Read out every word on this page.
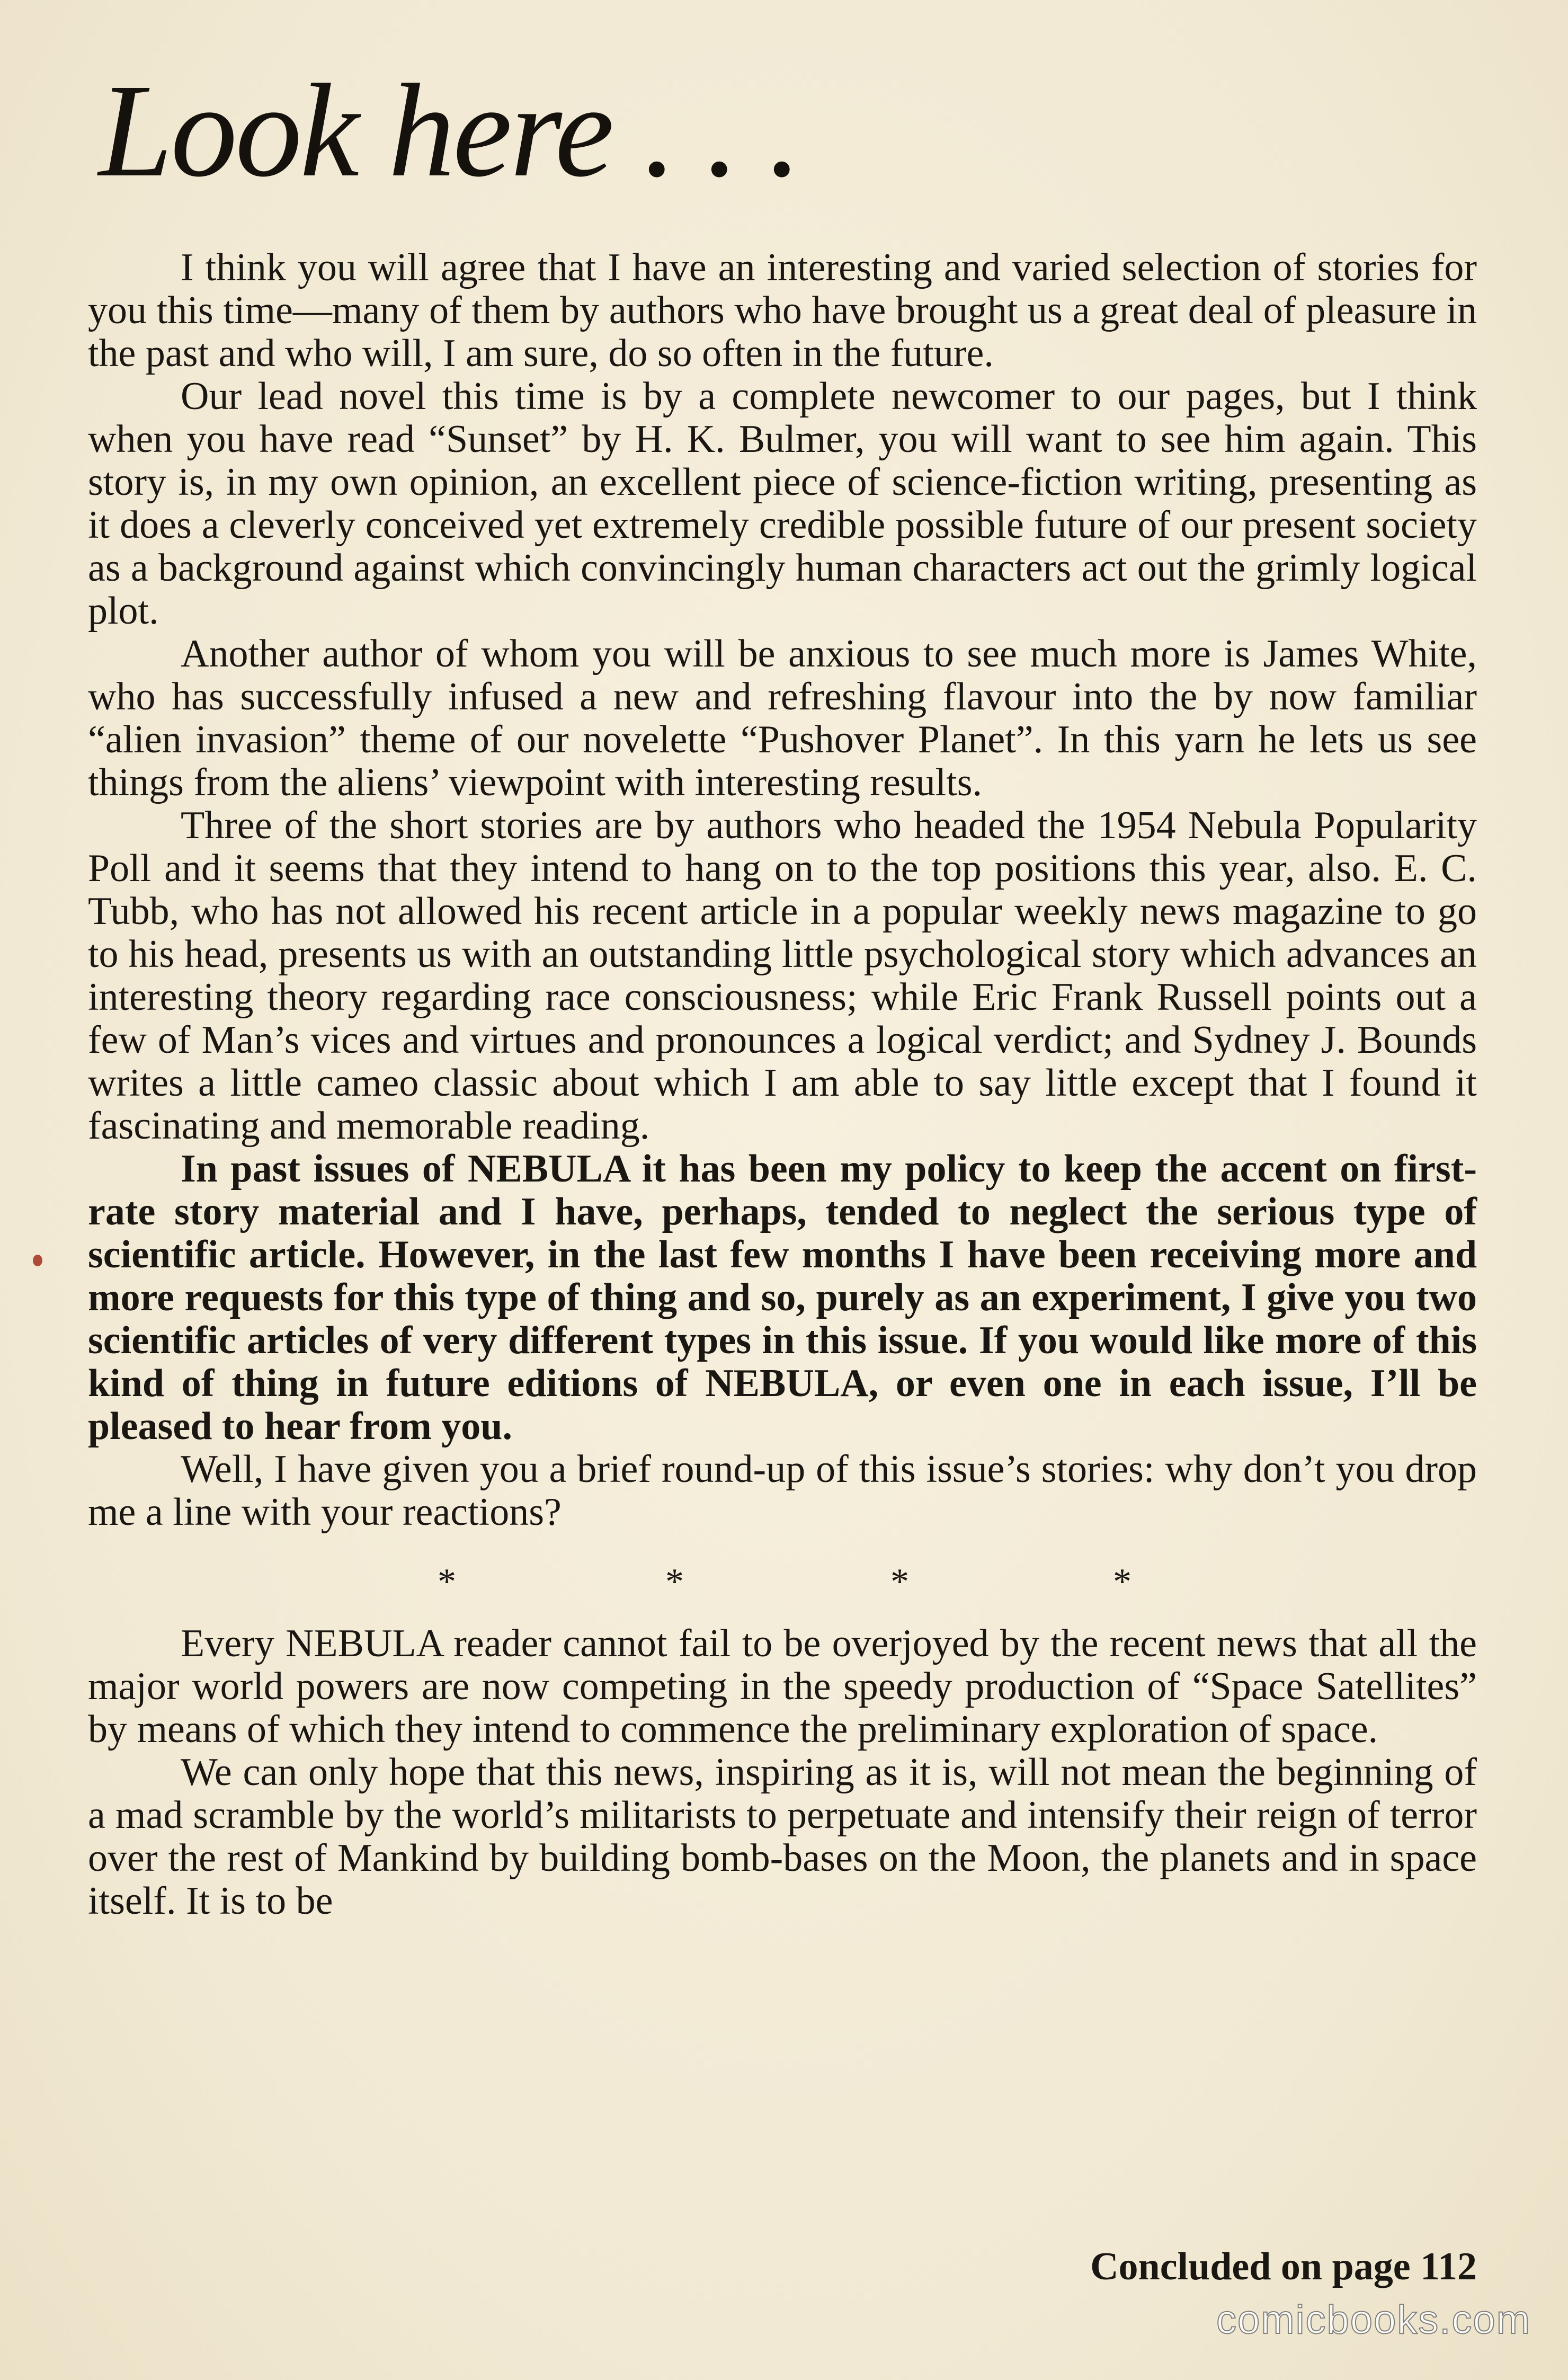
Look here . . .

I think you will agree that I have an interesting and varied selection of stories for you this time—many of them by authors who have brought us a great deal of pleasure in the past and who will, I am sure, do so often in the future.

Our lead novel this time is by a complete newcomer to our pages, but I think when you have read “Sunset” by H. K. Bulmer, you will want to see him again. This story is, in my own opinion, an excellent piece of science-fiction writing, presenting as it does a cleverly conceived yet extremely credible possible future of our present society as a background against which convincingly human characters act out the grimly logical plot.

Another author of whom you will be anxious to see much more is James White, who has successfully infused a new and refreshing flavour into the by now familiar “alien invasion” theme of our novelette “Pushover Planet”. In this yarn he lets us see things from the aliens’ viewpoint with interesting results.

Three of the short stories are by authors who headed the 1954 Nebula Popularity Poll and it seems that they intend to hang on to the top positions this year, also. E. C. Tubb, who has not allowed his recent article in a popular weekly news magazine to go to his head, presents us with an outstanding little psychological story which advances an interesting theory regarding race consciousness; while Eric Frank Russell points out a few of Man’s vices and virtues and pronounces a logical verdict; and Sydney J. Bounds writes a little cameo classic about which I am able to say little except that I found it fascinating and memorable reading.

In past issues of NEBULA it has been my policy to keep the accent on first-rate story material and I have, perhaps, tended to neglect the serious type of scientific article. However, in the last few months I have been receiving more and more requests for this type of thing and so, purely as an experiment, I give you two scientific articles of very different types in this issue. If you would like more of this kind of thing in future editions of NEBULA, or even one in each issue, I’ll be pleased to hear from you.

Well, I have given you a brief round-up of this issue’s stories: why don’t you drop me a line with your reactions?

*	*	*	*

Every NEBULA reader cannot fail to be overjoyed by the recent news that all the major world powers are now competing in the speedy production of “Space Satellites” by means of which they intend to commence the preliminary exploration of space.

We can only hope that this news, inspiring as it is, will not mean the beginning of a mad scramble by the world’s militarists to perpetuate and intensify their reign of terror over the rest of Mankind by building bomb-bases on the Moon, the planets and in space itself. It is to be

Concluded on page 112
comicbooks.com
